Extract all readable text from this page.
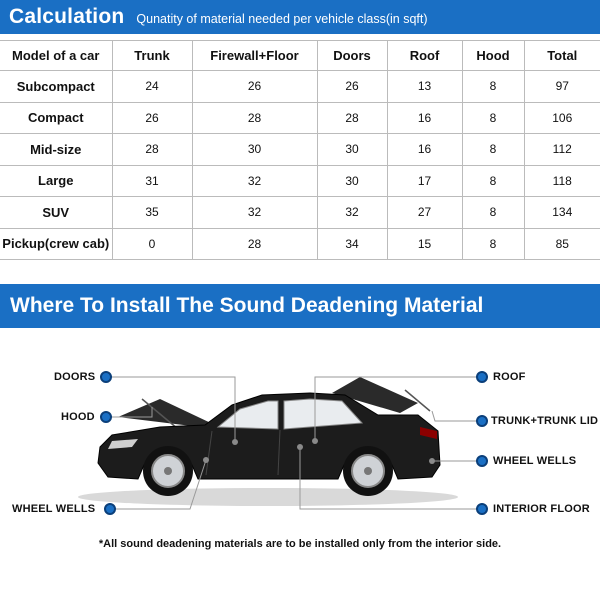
Calculation Qunatity of material needed per vehicle class(in sqft)
Model of a car	Trunk	Firewall+Floor	Doors	Roof	Hood	Total
Subcompact	24	26	26	13	8	97
Compact	26	28	28	16	8	106
Mid-size	28	30	30	16	8	112
Large	31	32	30	17	8	118
SUV	35	32	32	27	8	134
Pickup(crew cab)	0	28	34	15	8	85
Where To Install The Sound Deadening Material
DOORS
HOOD
WHEEL WELLS
ROOF
TRUNK+TRUNK LID
WHEEL WELLS
INTERIOR FLOOR
*All sound deadening materials are to be installed only from the interior side.
